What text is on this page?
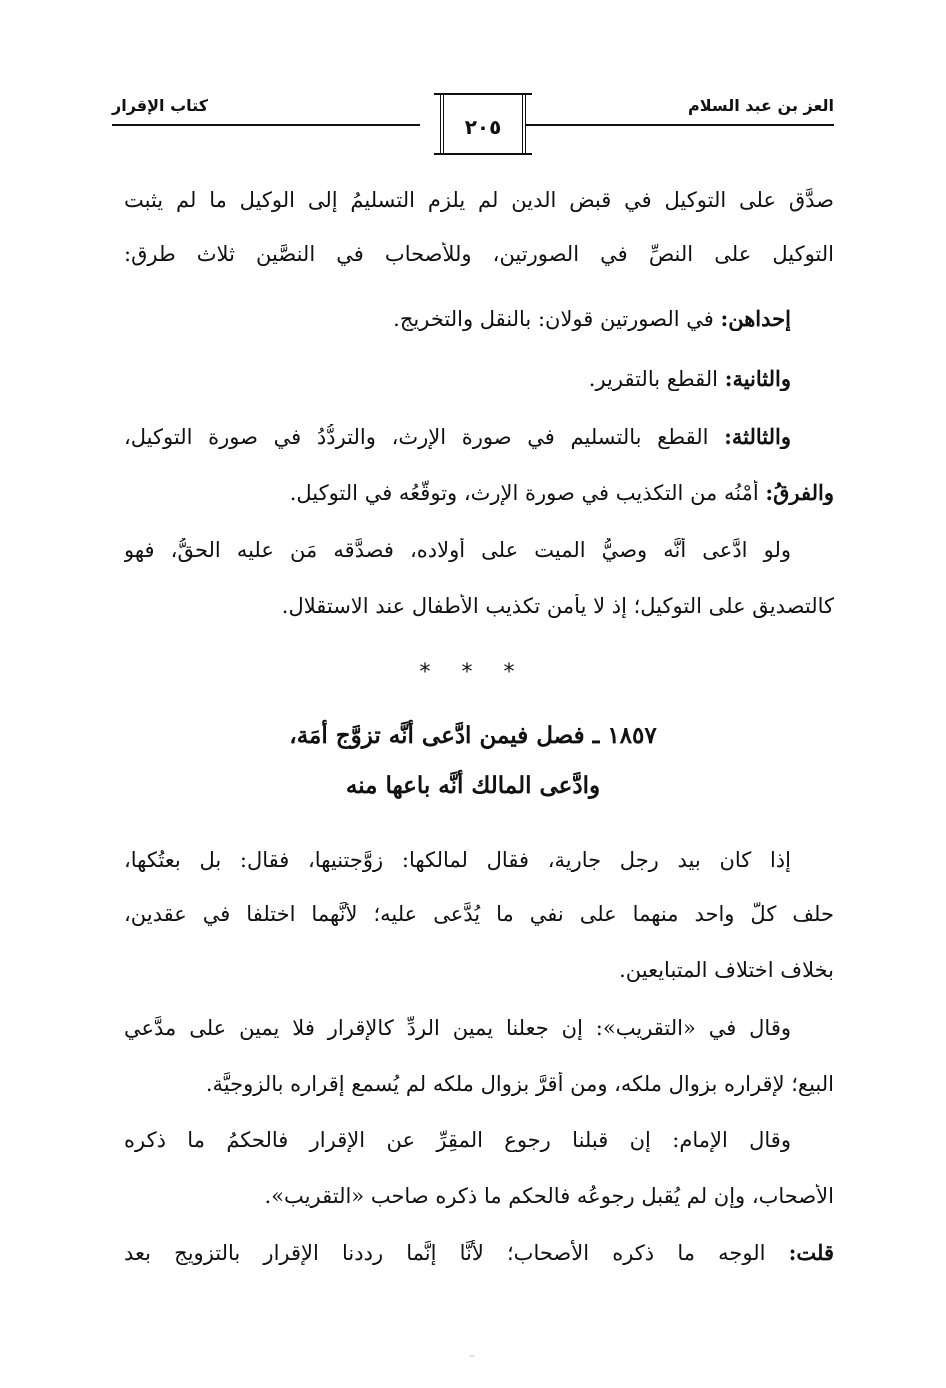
العز بن عبد السلام
كتاب الإقرار
٢٠٥
صدَّق على التوكيل في قبض الدين لم يلزم التسليمُ إلى الوكيل ما لم يثبت
التوكيل على النصِّ في الصورتين، وللأصحاب في النصَّين ثلاث طرق:
إحداهن: في الصورتين قولان: بالنقل والتخريج.
والثانية: القطع بالتقرير.
والثالثة: القطع بالتسليم في صورة الإرث، والتردُّدُ في صورة التوكيل،
والفرقُ: أَمْنُه من التكذيب في صورة الإرث، وتوقُّعُه في التوكيل.
ولو ادَّعى أنَّه وصيُّ الميت على أولاده، فصدَّقه مَن عليه الحقُّ، فهو
كالتصديق على التوكيل؛ إذ لا يأمن تكذيب الأطفال عند الاستقلال.
* * *
١٨٥٧ ـ فصل فيمن ادَّعى أنَّه تزوَّج أمَة،
وادَّعى المالك أنَّه باعها منه
إذا كان بيد رجل جارية، فقال لمالكها: زوَّجتنيها، فقال: بل بعتُكها،
حلف كلُّ واحد منهما على نفي ما يُدَّعى عليه؛ لأنَّهما اختلفا في عقدين،
بخلاف اختلاف المتبايعين.
وقال في «التقريب»: إن جعلنا يمين الردِّ كالإقرار فلا يمين على مدَّعي
البيع؛ لإقراره بزوال ملكه، ومن أقرَّ بزوال ملكه لم يُسمع إقراره بالزوجيَّة.
وقال الإمام: إن قبلنا رجوع المقِرِّ عن الإقرار فالحكمُ ما ذكره
الأصحاب، وإن لم يُقبل رجوعُه فالحكم ما ذكره صاحب «التقريب».
قلت: الوجه ما ذكره الأصحاب؛ لأنَّا إنَّما رددنا الإقرار بالتزويج بعد
